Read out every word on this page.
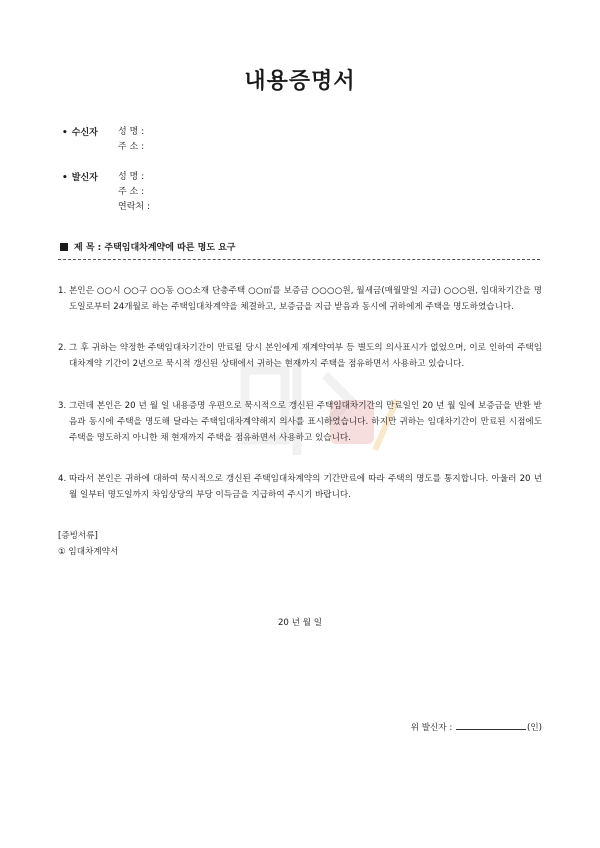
내용증명서
• 수신자 성 명 :
주 소 :
• 발신자 성 명 :
주 소 :
연락처 :
제 목 : 주택임대차계약에 따른 명도 요구
1. 본인은 ○○시 ○○구 ○○동 ○○소재 단층주택 ○○㎡를 보증금 ○○○○원, 월세금(매월말일 지급) ○○○원, 임대차기간을 명도일로부터 24개월로 하는 주택임대차계약을 체결하고, 보증금을 지급 받음과 동시에 귀하에게 주택을 명도하였습니다.
2. 그 후 귀하는 약정한 주택임대차기간이 만료될 당시 본인에게 재계약여부 등 별도의 의사표시가 없었으며, 이로 인하여 주택임대차계약 기간이 2년으로 묵시적 갱신된 상태에서 귀하는 현재까지 주택을 점유하면서 사용하고 있습니다.
3. 그런데 본인은 20 년 월 일 내용증명 우편으로 묵시적으로 갱신된 주택임대차기간의 만료일인 20 년 월 일에 보증금을 반환 받음과 동시에 주택을 명도해 달라는 주택임대차계약해지 의사를 표시하였습니다. 하지만 귀하는 임대차기간이 만료된 시점에도 주택을 명도하지 아니한 채 현재까지 주택을 점유하면서 사용하고 있습니다.
4. 따라서 본인은 귀하에 대하여 묵시적으로 갱신된 주택임대차계약의 기간만료에 따라 주택의 명도를 통지합니다. 아울러 20 년 월 일부터 명도일까지 차임상당의 부당 이득금을 지급하여 주시기 바랍니다.
[증빙서류]
① 임대차계약서
20 년 월 일
위 발신자 :	(인)
